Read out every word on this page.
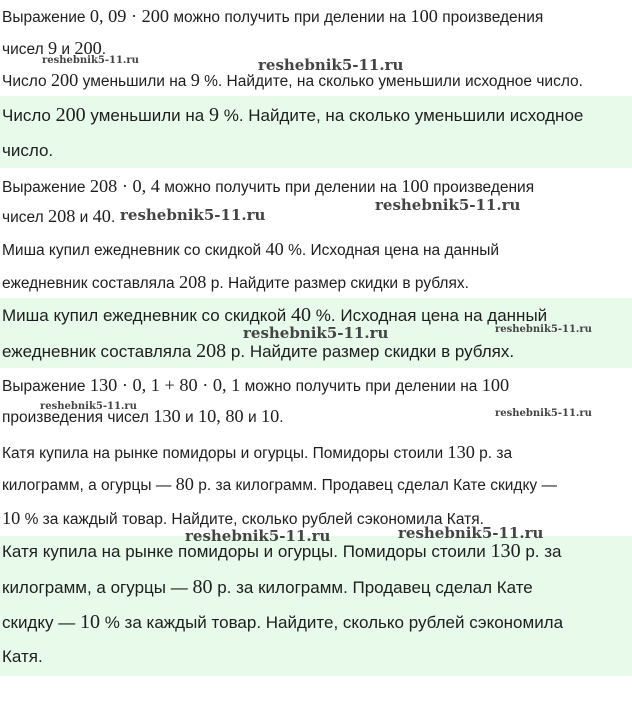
Выражение 0, 09 · 200 можно получить при делении на 100 произведения
чисел 9 и 200.
Число 200 уменьшили на 9 %. Найдите, на сколько уменьшили исходное число.
Число 200 уменьшили на 9 %. Найдите, на сколько уменьшили исходное
число.
Выражение 208 · 0, 4 можно получить при делении на 100 произведения
чисел 208 и 40.
Миша купил ежедневник со скидкой 40 %. Исходная цена на данный
ежедневник составляла 208 р. Найдите размер скидки в рублях.
Миша купил ежедневник со скидкой 40 %. Исходная цена на данный
ежедневник составляла 208 р. Найдите размер скидки в рублях.
Выражение 130 · 0, 1 + 80 · 0, 1 можно получить при делении на 100
произведения чисел 130 и 10, 80 и 10.
Катя купила на рынке помидоры и огурцы. Помидоры стоили 130 р. за
килограмм, а огурцы — 80 р. за килограмм. Продавец сделал Кате скидку —
10 % за каждый товар. Найдите, сколько рублей сэкономила Катя.
Катя купила на рынке помидоры и огурцы. Помидоры стоили 130 р. за
килограмм, а огурцы — 80 р. за килограмм. Продавец сделал Кате
скидку — 10 % за каждый товар. Найдите, сколько рублей сэкономила
Катя.
reshebnik5-11.ru	reshebnik5-11.ru
reshebnik5-11.ru
reshebnik5-11.ru
reshebnik5-11.ru	reshebnik5-11.ru
reshebnik5-11.ru
reshebnik5-11.ru
reshebnik5-11.ru	reshebnik5-11.ru
